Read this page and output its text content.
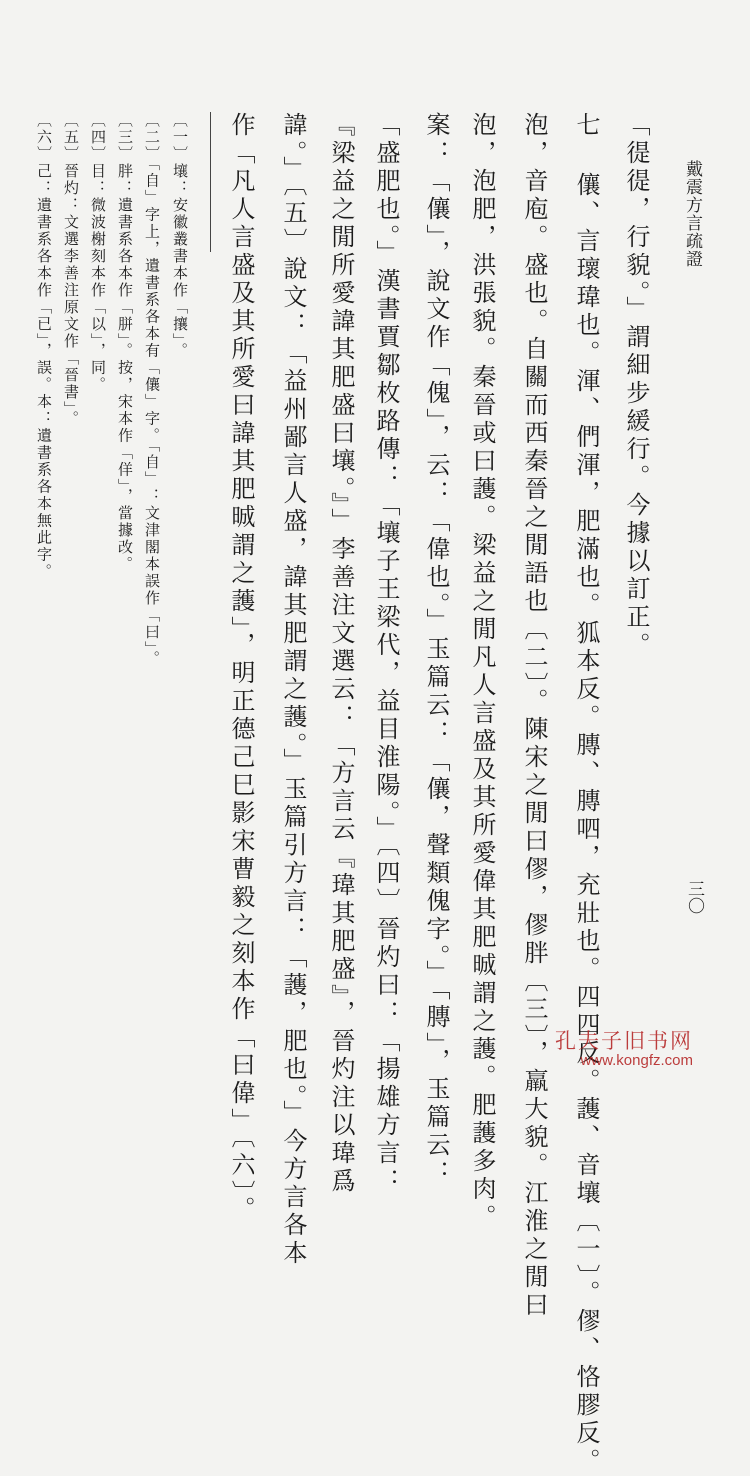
戴震方言疏證
「徥徥，行貌。」謂細步緩行。今據以訂正。
七 儴、言瓌瑋也。渾、們渾，肥滿也。狐本反。膞、膞呬，充壯也。四四反。䕶、音壤〔一〕。僇、恪膠反。
泡，音庖。盛也。自關而西秦晉之閒語也〔二〕。陳宋之閒曰僇，僇胖〔三〕，羸大貌。江淮之閒曰
泡，泡肥，洪張貌。秦晉或曰䕶。梁益之閒凡人言盛及其所愛偉其肥晠謂之䕶。肥䕶多肉。
案：「儴」，說文作「傀」，云：「偉也。」玉篇云：「儴，聲類傀字。」「膞」，玉篇云：
「盛肥也。」漢書賈鄒枚路傳：「壤子王梁代，益目淮陽。」〔四〕晉灼曰：「揚雄方言：
『梁益之閒所愛諱其肥盛曰壤。』」李善注文選云：「方言云『瑋其肥盛』，晉灼注以瑋爲
諱。」〔五〕說文：「益州鄙言人盛，諱其肥謂之䕶。」玉篇引方言：「䕶，肥也。」今方言各本
〔一〕壤：安徽叢書本作「攘」。
〔二〕「自」字上，遺書系各本有「儴」字。「自」：文津閣本誤作「曰」。
〔三〕胖：遺書系各本作「胼」。按，宋本作「佯」，當據改。
〔四〕目：微波榭刻本作「以」，同。
〔五〕晉灼：文選李善注原文作「晉書」。
〔六〕己：遺書系各本作「已」，誤。本：遺書系各本無此字。
三〇
孔夫子旧书网
www.kongfz.com
作「凡人言盛及其所愛曰諱其肥晠謂之䕶」，明正德己巳影宋曹毅之刻本作「曰偉」〔六〕。
